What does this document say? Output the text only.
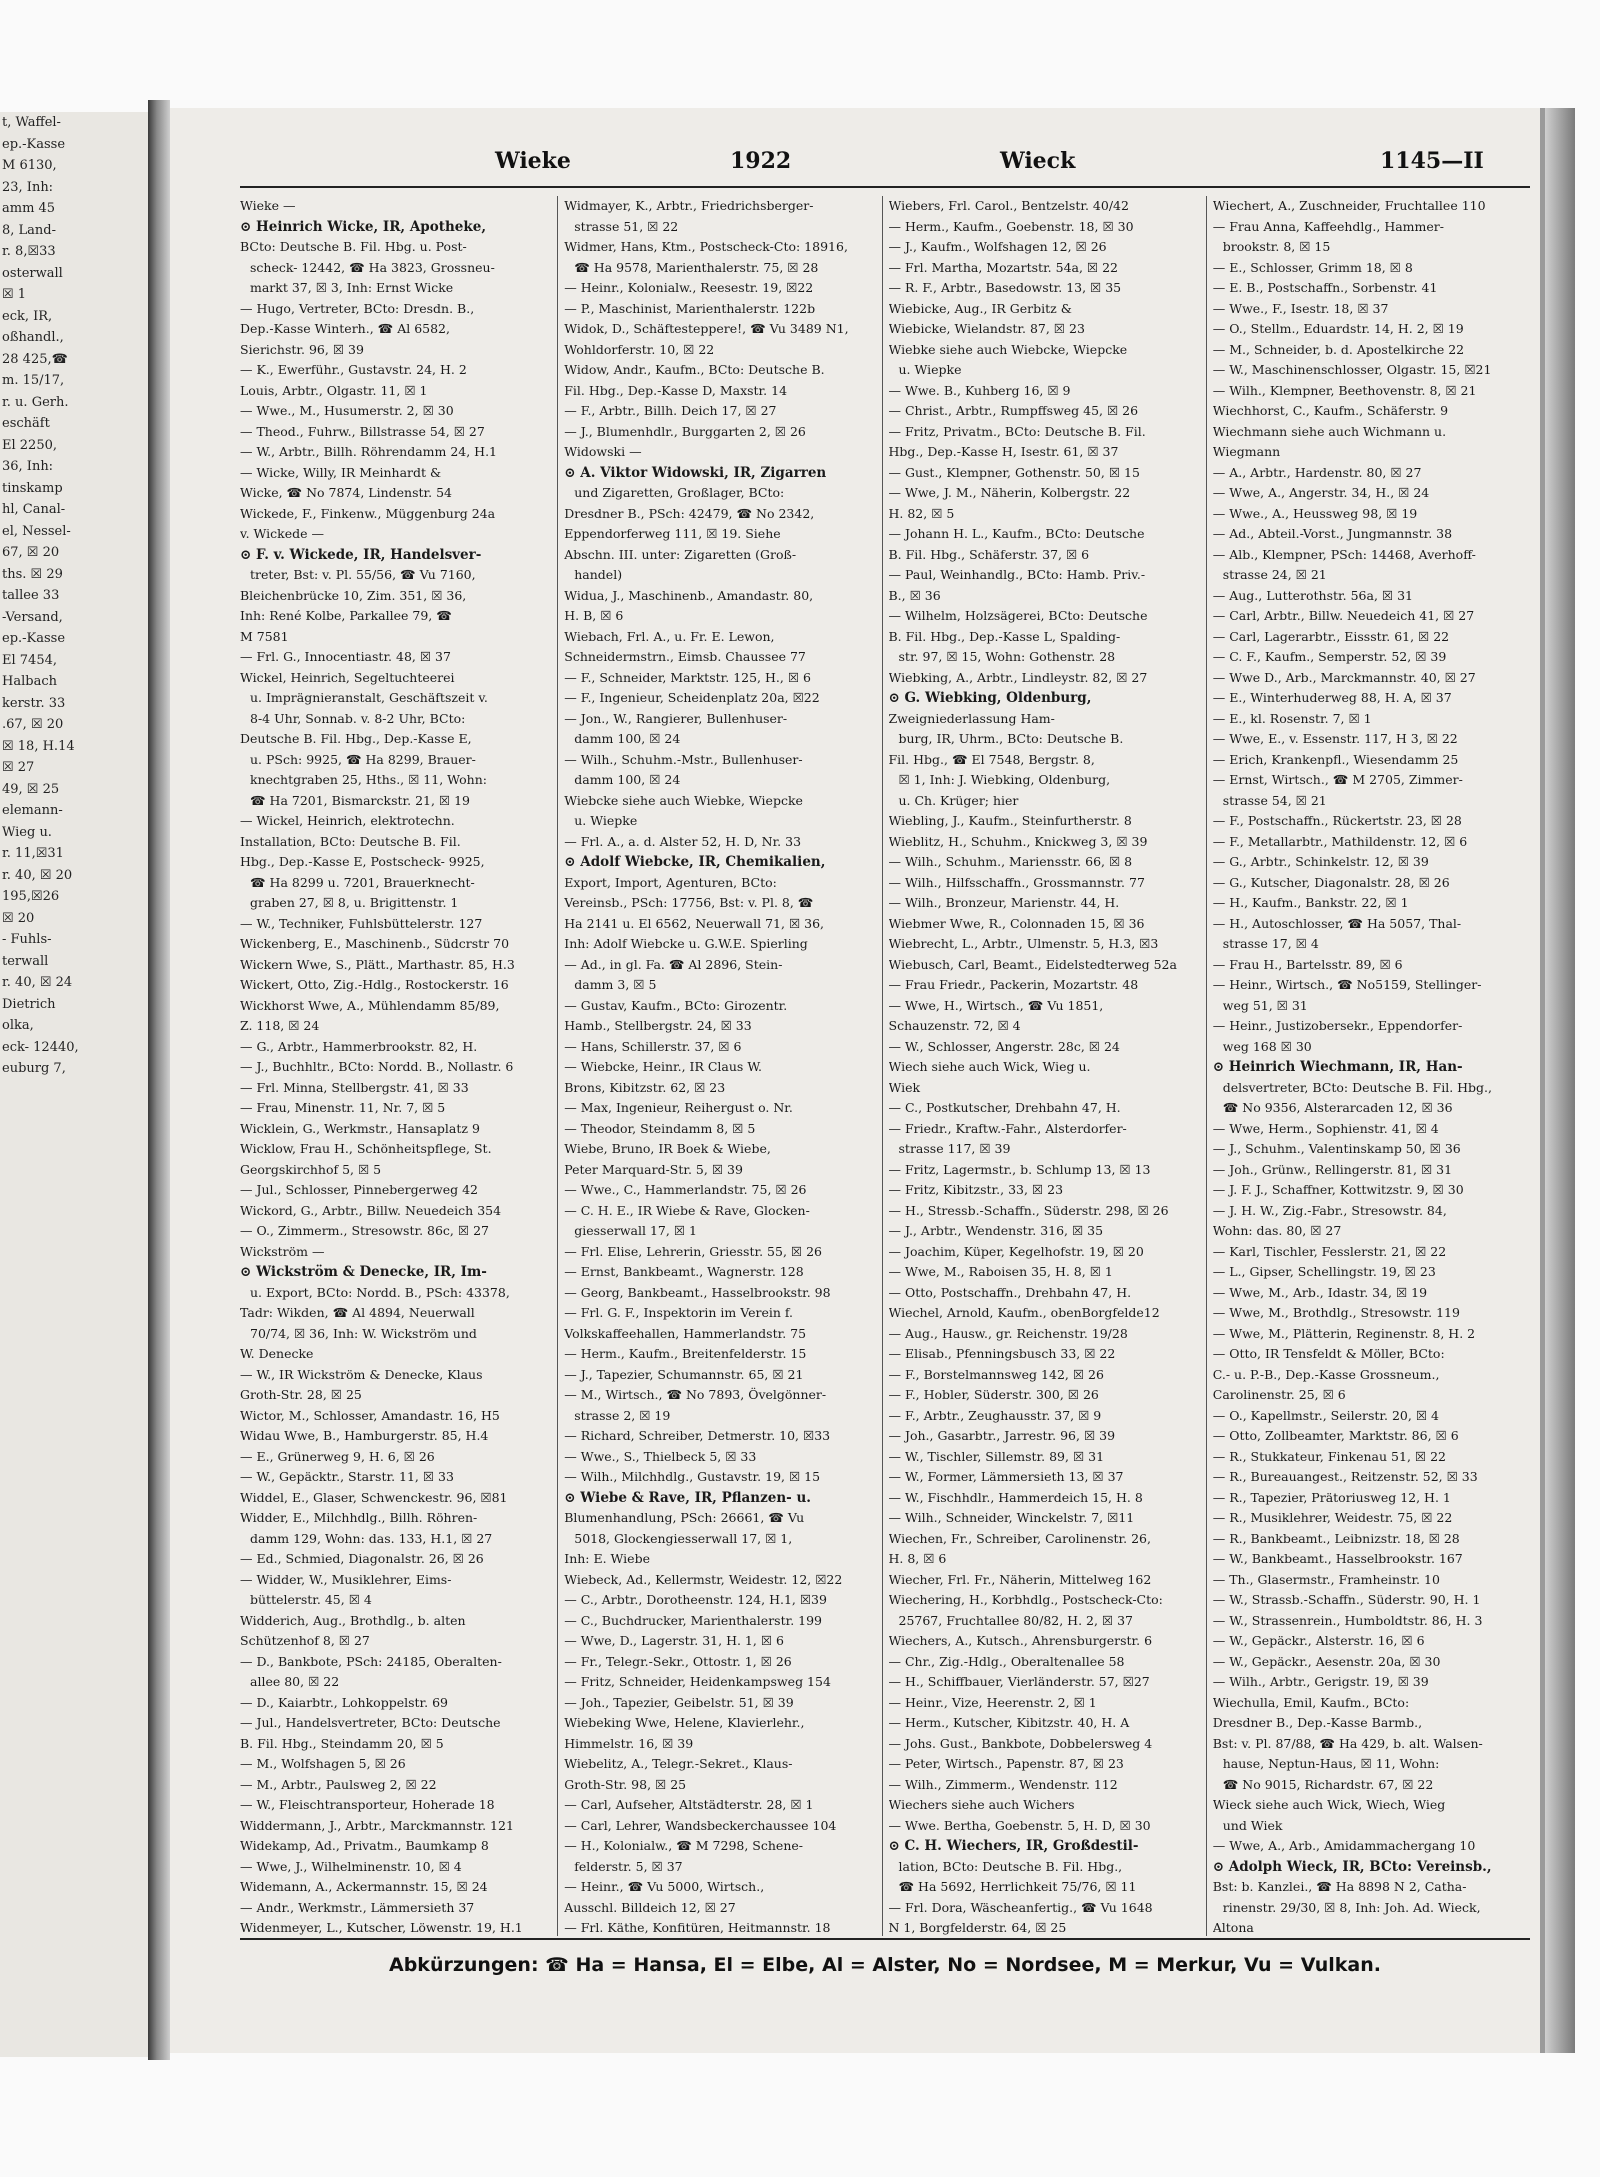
t, Waffel-
ep.-Kasse
M 6130,
23, Inh:
amm 45
8, Land-
r. 8,☒33
osterwall
☒ 1
eck, IR,
oßhandl.,
28 425,☎
m. 15/17,
r. u. Gerh.
eschäft
El 2250,
36, Inh:
tinskamp
hl, Canal-
el, Nessel-
67, ☒ 20
ths. ☒ 29
tallee 33
-Versand,
ep.-Kasse
El 7454,
Halbach
kerstr. 33
.67, ☒ 20
☒ 18, H.14
☒ 27
49, ☒ 25
elemann-
Wieg u.
r. 11,☒31
r. 40, ☒ 20
195,☒26
☒ 20
- Fuhls-
terwall
r. 40, ☒ 24
Dietrich
olka,
eck- 12440,
euburg 7,
Wieke	1922	Wieck	1145—II
Wieke —
⊙ Heinrich Wicke, IR, Apotheke,
BCto: Deutsche B. Fil. Hbg. u. Post-
scheck- 12442, ☎ Ha 3823, Grossneu-
markt 37, ☒ 3, Inh: Ernst Wicke
— Hugo, Vertreter, BCto: Dresdn. B.,
Dep.-Kasse Winterh., ☎ Al 6582,
Sierichstr. 96, ☒ 39
— K., Ewerführ., Gustavstr. 24, H. 2
Louis, Arbtr., Olgastr. 11, ☒ 1
— Wwe., M., Husumerstr. 2, ☒ 30
— Theod., Fuhrw., Billstrasse 54, ☒ 27
— W., Arbtr., Billh. Röhrendamm 24, H.1
— Wicke, Willy, IR Meinhardt &
Wicke, ☎ No 7874, Lindenstr. 54
Wickede, F., Finkenw., Müggenburg 24a
v. Wickede —
⊙ F. v. Wickede, IR, Handelsver-
treter, Bst: v. Pl. 55/56, ☎ Vu 7160,
Bleichenbrücke 10, Zim. 351, ☒ 36,
Inh: René Kolbe, Parkallee 79, ☎
M 7581
— Frl. G., Innocentiastr. 48, ☒ 37
Wickel, Heinrich, Segeltuchteerei
u. Imprägnieranstalt, Geschäftszeit v.
8-4 Uhr, Sonnab. v. 8-2 Uhr, BCto:
Deutsche B. Fil. Hbg., Dep.-Kasse E,
u. PSch: 9925, ☎ Ha 8299, Brauer-
knechtgraben 25, Hths., ☒ 11, Wohn:
☎ Ha 7201, Bismarckstr. 21, ☒ 19
— Wickel, Heinrich, elektrotechn.
Installation, BCto: Deutsche B. Fil.
Hbg., Dep.-Kasse E, Postscheck- 9925,
☎ Ha 8299 u. 7201, Brauerknecht-
graben 27, ☒ 8, u. Brigittenstr. 1
— W., Techniker, Fuhlsbüttelerstr. 127
Wickenberg, E., Maschinenb., Südcrstr 70
Wickern Wwe, S., Plätt., Marthastr. 85, H.3
Wickert, Otto, Zig.-Hdlg., Rostockerstr. 16
Wickhorst Wwe, A., Mühlendamm 85/89,
Z. 118, ☒ 24
— G., Arbtr., Hammerbrookstr. 82, H.
— J., Buchhltr., BCto: Nordd. B., Nollastr. 6
— Frl. Minna, Stellbergstr. 41, ☒ 33
— Frau, Minenstr. 11, Nr. 7, ☒ 5
Wicklein, G., Werkmstr., Hansaplatz 9
Wicklow, Frau H., Schönheitspflege, St.
Georgskirchhof 5, ☒ 5
— Jul., Schlosser, Pinnebergerweg 42
Wickord, G., Arbtr., Billw. Neuedeich 354
— O., Zimmerm., Stresowstr. 86c, ☒ 27
Wickström —
⊙ Wickström & Denecke, IR, Im-
u. Export, BCto: Nordd. B., PSch: 43378,
Tadr: Wikden, ☎ Al 4894, Neuerwall
70/74, ☒ 36, Inh: W. Wickström und
W. Denecke
— W., IR Wickström & Denecke, Klaus
Groth-Str. 28, ☒ 25
Wictor, M., Schlosser, Amandastr. 16, H5
Widau Wwe, B., Hamburgerstr. 85, H.4
— E., Grünerweg 9, H. 6, ☒ 26
— W., Gepäcktr., Starstr. 11, ☒ 33
Widdel, E., Glaser, Schwenckestr. 96, ☒81
Widder, E., Milchhdlg., Billh. Röhren-
damm 129, Wohn: das. 133, H.1, ☒ 27
— Ed., Schmied, Diagonalstr. 26, ☒ 26
— Widder, W., Musiklehrer, Eims-
büttelerstr. 45, ☒ 4
Widderich, Aug., Brothdlg., b. alten
Schützenhof 8, ☒ 27
— D., Bankbote, PSch: 24185, Oberalten-
allee 80, ☒ 22
— D., Kaiarbtr., Lohkoppelstr. 69
— Jul., Handelsvertreter, BCto: Deutsche
B. Fil. Hbg., Steindamm 20, ☒ 5
— M., Wolfshagen 5, ☒ 26
— M., Arbtr., Paulsweg 2, ☒ 22
— W., Fleischtransporteur, Hoherade 18
Widdermann, J., Arbtr., Marckmannstr. 121
Widekamp, Ad., Privatm., Baumkamp 8
— Wwe, J., Wilhelminenstr. 10, ☒ 4
Widemann, A., Ackermannstr. 15, ☒ 24
— Andr., Werkmstr., Lämmersieth 37
Widenmeyer, L., Kutscher, Löwenstr. 19, H.1
Widmayer, K., Arbtr., Friedrichsberger-
strasse 51, ☒ 22
Widmer, Hans, Ktm., Postscheck-Cto: 18916,
☎ Ha 9578, Marienthalerstr. 75, ☒ 28
— Heinr., Kolonialw., Reesestr. 19, ☒22
— P., Maschinist, Marienthalerstr. 122b
Widok, D., Schäftesteppere!, ☎ Vu 3489 N1,
Wohldorferstr. 10, ☒ 22
Widow, Andr., Kaufm., BCto: Deutsche B.
Fil. Hbg., Dep.-Kasse D, Maxstr. 14
— F., Arbtr., Billh. Deich 17, ☒ 27
— J., Blumenhdlr., Burggarten 2, ☒ 26
Widowski —
⊙ A. Viktor Widowski, IR, Zigarren
und Zigaretten, Großlager, BCto:
Dresdner B., PSch: 42479, ☎ No 2342,
Eppendorferweg 111, ☒ 19. Siehe
Abschn. III. unter: Zigaretten (Groß-
handel)
Widua, J., Maschinenb., Amandastr. 80,
H. B, ☒ 6
Wiebach, Frl. A., u. Fr. E. Lewon,
Schneidermstrn., Eimsb. Chaussee 77
— F., Schneider, Marktstr. 125, H., ☒ 6
— F., Ingenieur, Scheidenplatz 20a, ☒22
— Jon., W., Rangierer, Bullenhuser-
damm 100, ☒ 24
— Wilh., Schuhm.-Mstr., Bullenhuser-
damm 100, ☒ 24
Wiebcke siehe auch Wiebke, Wiepcke
u. Wiepke
— Frl. A., a. d. Alster 52, H. D, Nr. 33
⊙ Adolf Wiebcke, IR, Chemikalien,
Export, Import, Agenturen, BCto:
Vereinsb., PSch: 17756, Bst: v. Pl. 8, ☎
Ha 2141 u. El 6562, Neuerwall 71, ☒ 36,
Inh: Adolf Wiebcke u. G.W.E. Spierling
— Ad., in gl. Fa. ☎ Al 2896, Stein-
damm 3, ☒ 5
— Gustav, Kaufm., BCto: Girozentr.
Hamb., Stellbergstr. 24, ☒ 33
— Hans, Schillerstr. 37, ☒ 6
— Wiebcke, Heinr., IR Claus W.
Brons, Kibitzstr. 62, ☒ 23
— Max, Ingenieur, Reihergust o. Nr.
— Theodor, Steindamm 8, ☒ 5
Wiebe, Bruno, IR Boek & Wiebe,
Peter Marquard-Str. 5, ☒ 39
— Wwe., C., Hammerlandstr. 75, ☒ 26
— C. H. E., IR Wiebe & Rave, Glocken-
giesserwall 17, ☒ 1
— Frl. Elise, Lehrerin, Griesstr. 55, ☒ 26
— Ernst, Bankbeamt., Wagnerstr. 128
— Georg, Bankbeamt., Hasselbrookstr. 98
— Frl. G. F., Inspektorin im Verein f.
Volkskaffeehallen, Hammerlandstr. 75
— Herm., Kaufm., Breitenfelderstr. 15
— J., Tapezier, Schumannstr. 65, ☒ 21
— M., Wirtsch., ☎ No 7893, Övelgönner-
strasse 2, ☒ 19
— Richard, Schreiber, Detmerstr. 10, ☒33
— Wwe., S., Thielbeck 5, ☒ 33
— Wilh., Milchhdlg., Gustavstr. 19, ☒ 15
⊙ Wiebe & Rave, IR, Pflanzen- u.
Blumenhandlung, PSch: 26661, ☎ Vu
5018, Glockengiesserwall 17, ☒ 1,
Inh: E. Wiebe
Wiebeck, Ad., Kellermstr, Weidestr. 12, ☒22
— C., Arbtr., Dorotheenstr. 124, H.1, ☒39
— C., Buchdrucker, Marienthalerstr. 199
— Wwe, D., Lagerstr. 31, H. 1, ☒ 6
— Fr., Telegr.-Sekr., Ottostr. 1, ☒ 26
— Fritz, Schneider, Heidenkampsweg 154
— Joh., Tapezier, Geibelstr. 51, ☒ 39
Wiebeking Wwe, Helene, Klavierlehr.,
Himmelstr. 16, ☒ 39
Wiebelitz, A., Telegr.-Sekret., Klaus-
Groth-Str. 98, ☒ 25
— Carl, Aufseher, Altstädterstr. 28, ☒ 1
— Carl, Lehrer, Wandsbeckerchaussee 104
— H., Kolonialw., ☎ M 7298, Schene-
felderstr. 5, ☒ 37
— Heinr., ☎ Vu 5000, Wirtsch.,
Ausschl. Billdeich 12, ☒ 27
— Frl. Käthe, Konfitüren, Heitmannstr. 18
Wiebers, Frl. Carol., Bentzelstr. 40/42
— Herm., Kaufm., Goebenstr. 18, ☒ 30
— J., Kaufm., Wolfshagen 12, ☒ 26
— Frl. Martha, Mozartstr. 54a, ☒ 22
— R. F., Arbtr., Basedowstr. 13, ☒ 35
Wiebicke, Aug., IR Gerbitz &
Wiebicke, Wielandstr. 87, ☒ 23
Wiebke siehe auch Wiebcke, Wiepcke
u. Wiepke
— Wwe. B., Kuhberg 16, ☒ 9
— Christ., Arbtr., Rumpffsweg 45, ☒ 26
— Fritz, Privatm., BCto: Deutsche B. Fil.
Hbg., Dep.-Kasse H, Isestr. 61, ☒ 37
— Gust., Klempner, Gothenstr. 50, ☒ 15
— Wwe, J. M., Näherin, Kolbergstr. 22
H. 82, ☒ 5
— Johann H. L., Kaufm., BCto: Deutsche
B. Fil. Hbg., Schäferstr. 37, ☒ 6
— Paul, Weinhandlg., BCto: Hamb. Priv.-
B., ☒ 36
— Wilhelm, Holzsägerei, BCto: Deutsche
B. Fil. Hbg., Dep.-Kasse L, Spalding-
str. 97, ☒ 15, Wohn: Gothenstr. 28
Wiebking, A., Arbtr., Lindleystr. 82, ☒ 27
⊙ G. Wiebking, Oldenburg,
Zweigniederlassung Ham-
burg, IR, Uhrm., BCto: Deutsche B.
Fil. Hbg., ☎ El 7548, Bergstr. 8,
☒ 1, Inh: J. Wiebking, Oldenburg,
u. Ch. Krüger; hier
Wiebling, J., Kaufm., Steinfurtherstr. 8
Wieblitz, H., Schuhm., Knickweg 3, ☒ 39
— Wilh., Schuhm., Mariensstr. 66, ☒ 8
— Wilh., Hilfsschaffn., Grossmannstr. 77
— Wilh., Bronzeur, Marienstr. 44, H.
Wiebmer Wwe, R., Colonnaden 15, ☒ 36
Wiebrecht, L., Arbtr., Ulmenstr. 5, H.3, ☒3
Wiebusch, Carl, Beamt., Eidelstedterweg 52a
— Frau Friedr., Packerin, Mozartstr. 48
— Wwe, H., Wirtsch., ☎ Vu 1851,
Schauzenstr. 72, ☒ 4
— W., Schlosser, Angerstr. 28c, ☒ 24
Wiech siehe auch Wick, Wieg u.
Wiek
— C., Postkutscher, Drehbahn 47, H.
— Friedr., Kraftw.-Fahr., Alsterdorfer-
strasse 117, ☒ 39
— Fritz, Lagermstr., b. Schlump 13, ☒ 13
— Fritz, Kibitzstr., 33, ☒ 23
— H., Stressb.-Schaffn., Süderstr. 298, ☒ 26
— J., Arbtr., Wendenstr. 316, ☒ 35
— Joachim, Küper, Kegelhofstr. 19, ☒ 20
— Wwe, M., Raboisen 35, H. 8, ☒ 1
— Otto, Postschaffn., Drehbahn 47, H.
Wiechel, Arnold, Kaufm., obenBorgfelde12
— Aug., Hausw., gr. Reichenstr. 19/28
— Elisab., Pfenningsbusch 33, ☒ 22
— F., Borstelmannsweg 142, ☒ 26
— F., Hobler, Süderstr. 300, ☒ 26
— F., Arbtr., Zeughausstr. 37, ☒ 9
— Joh., Gasarbtr., Jarrestr. 96, ☒ 39
— W., Tischler, Sillemstr. 89, ☒ 31
— W., Former, Lämmersieth 13, ☒ 37
— W., Fischhdlr., Hammerdeich 15, H. 8
— Wilh., Schneider, Winckelstr. 7, ☒11
Wiechen, Fr., Schreiber, Carolinenstr. 26,
H. 8, ☒ 6
Wiecher, Frl. Fr., Näherin, Mittelweg 162
Wiechering, H., Korbhdlg., Postscheck-Cto:
25767, Fruchtallee 80/82, H. 2, ☒ 37
Wiechers, A., Kutsch., Ahrensburgerstr. 6
— Chr., Zig.-Hdlg., Oberaltenallee 58
— H., Schiffbauer, Vierländerstr. 57, ☒27
— Heinr., Vize, Heerenstr. 2, ☒ 1
— Herm., Kutscher, Kibitzstr. 40, H. A
— Johs. Gust., Bankbote, Dobbelersweg 4
— Peter, Wirtsch., Papenstr. 87, ☒ 23
— Wilh., Zimmerm., Wendenstr. 112
Wiechers siehe auch Wichers
— Wwe. Bertha, Goebenstr. 5, H. D, ☒ 30
⊙ C. H. Wiechers, IR, Großdestil-
lation, BCto: Deutsche B. Fil. Hbg.,
☎ Ha 5692, Herrlichkeit 75/76, ☒ 11
— Frl. Dora, Wäscheanfertig., ☎ Vu 1648
N 1, Borgfelderstr. 64, ☒ 25
Wiechert, A., Zuschneider, Fruchtallee 110
— Frau Anna, Kaffeehdlg., Hammer-
brookstr. 8, ☒ 15
— E., Schlosser, Grimm 18, ☒ 8
— E. B., Postschaffn., Sorbenstr. 41
— Wwe., F., Isestr. 18, ☒ 37
— O., Stellm., Eduardstr. 14, H. 2, ☒ 19
— M., Schneider, b. d. Apostelkirche 22
— W., Maschinenschlosser, Olgastr. 15, ☒21
— Wilh., Klempner, Beethovenstr. 8, ☒ 21
Wiechhorst, C., Kaufm., Schäferstr. 9
Wiechmann siehe auch Wichmann u.
Wiegmann
— A., Arbtr., Hardenstr. 80, ☒ 27
— Wwe, A., Angerstr. 34, H., ☒ 24
— Wwe., A., Heussweg 98, ☒ 19
— Ad., Abteil.-Vorst., Jungmannstr. 38
— Alb., Klempner, PSch: 14468, Averhoff-
strasse 24, ☒ 21
— Aug., Lutterothstr. 56a, ☒ 31
— Carl, Arbtr., Billw. Neuedeich 41, ☒ 27
— Carl, Lagerarbtr., Eissstr. 61, ☒ 22
— C. F., Kaufm., Semperstr. 52, ☒ 39
— Wwe D., Arb., Marckmannstr. 40, ☒ 27
— E., Winterhuderweg 88, H. A, ☒ 37
— E., kl. Rosenstr. 7, ☒ 1
— Wwe, E., v. Essenstr. 117, H 3, ☒ 22
— Erich, Krankenpfl., Wiesendamm 25
— Ernst, Wirtsch., ☎ M 2705, Zimmer-
strasse 54, ☒ 21
— F., Postschaffn., Rückertstr. 23, ☒ 28
— F., Metallarbtr., Mathildenstr. 12, ☒ 6
— G., Arbtr., Schinkelstr. 12, ☒ 39
— G., Kutscher, Diagonalstr. 28, ☒ 26
— H., Kaufm., Bankstr. 22, ☒ 1
— H., Autoschlosser, ☎ Ha 5057, Thal-
strasse 17, ☒ 4
— Frau H., Bartelsstr. 89, ☒ 6
— Heinr., Wirtsch., ☎ No5159, Stellinger-
weg 51, ☒ 31
— Heinr., Justizobersekr., Eppendorfer-
weg 168 ☒ 30
⊙ Heinrich Wiechmann, IR, Han-
delsvertreter, BCto: Deutsche B. Fil. Hbg.,
☎ No 9356, Alsterarcaden 12, ☒ 36
— Wwe, Herm., Sophienstr. 41, ☒ 4
— J., Schuhm., Valentinskamp 50, ☒ 36
— Joh., Grünw., Rellingerstr. 81, ☒ 31
— J. F. J., Schaffner, Kottwitzstr. 9, ☒ 30
— J. H. W., Zig.-Fabr., Stresowstr. 84,
Wohn: das. 80, ☒ 27
— Karl, Tischler, Fesslerstr. 21, ☒ 22
— L., Gipser, Schellingstr. 19, ☒ 23
— Wwe, M., Arb., Idastr. 34, ☒ 19
— Wwe, M., Brothdlg., Stresowstr. 119
— Wwe, M., Plätterin, Reginenstr. 8, H. 2
— Otto, IR Tensfeldt & Möller, BCto:
C.- u. P.-B., Dep.-Kasse Grossneum.,
Carolinenstr. 25, ☒ 6
— O., Kapellmstr., Seilerstr. 20, ☒ 4
— Otto, Zollbeamter, Marktstr. 86, ☒ 6
— R., Stukkateur, Finkenau 51, ☒ 22
— R., Bureauangest., Reitzenstr. 52, ☒ 33
— R., Tapezier, Prätoriusweg 12, H. 1
— R., Musiklehrer, Weidestr. 75, ☒ 22
— R., Bankbeamt., Leibnizstr. 18, ☒ 28
— W., Bankbeamt., Hasselbrookstr. 167
— Th., Glasermstr., Framheinstr. 10
— W., Strassb.-Schaffn., Süderstr. 90, H. 1
— W., Strassenrein., Humboldtstr. 86, H. 3
— W., Gepäckr., Alsterstr. 16, ☒ 6
— W., Gepäckr., Aesenstr. 20a, ☒ 30
— Wilh., Arbtr., Gerigstr. 19, ☒ 39
Wiechulla, Emil, Kaufm., BCto:
Dresdner B., Dep.-Kasse Barmb.,
Bst: v. Pl. 87/88, ☎ Ha 429, b. alt. Walsen-
hause, Neptun-Haus, ☒ 11, Wohn:
☎ No 9015, Richardstr. 67, ☒ 22
Wieck siehe auch Wick, Wiech, Wieg
und Wiek
— Wwe, A., Arb., Amidammachergang 10
⊙ Adolph Wieck, IR, BCto: Vereinsb.,
Bst: b. Kanzlei., ☎ Ha 8898 N 2, Catha-
rinenstr. 29/30, ☒ 8, Inh: Joh. Ad. Wieck,
Altona
Abkürzungen: ☎ Ha = Hansa, El = Elbe, Al = Alster, No = Nordsee, M = Merkur, Vu = Vulkan.
